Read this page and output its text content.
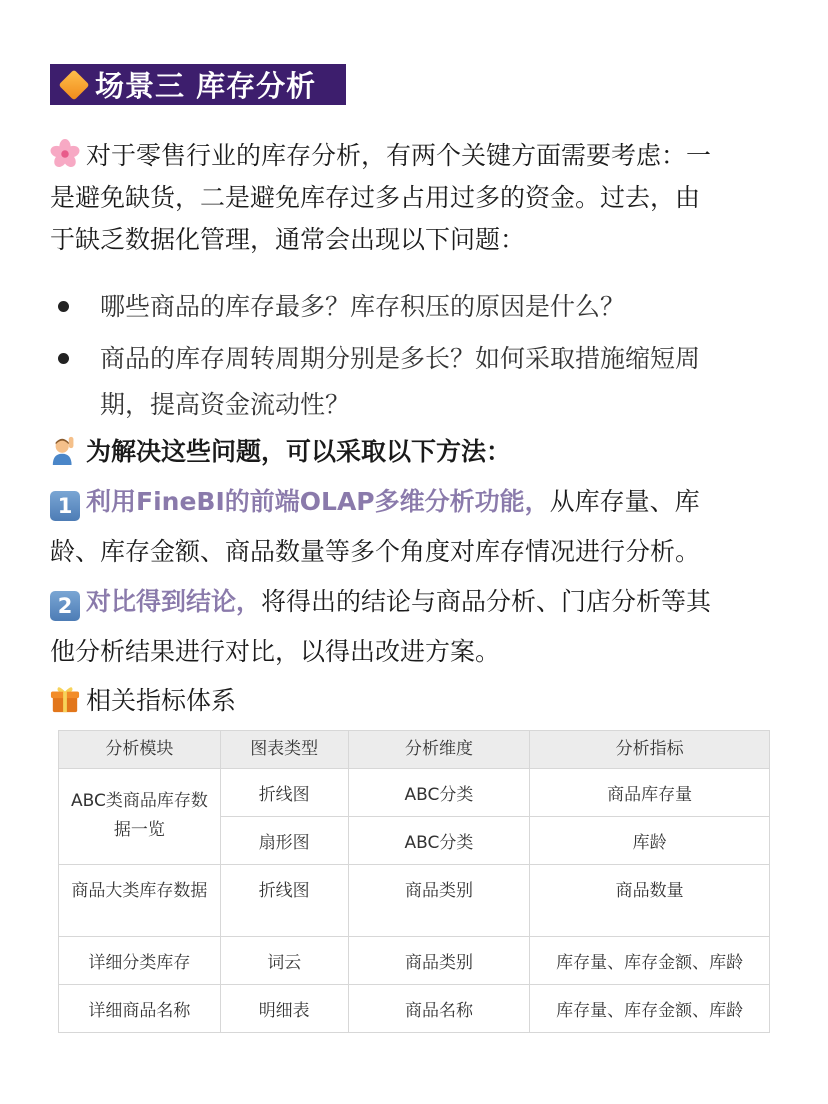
场景三 库存分析
对于零售行业的库存分析，有两个关键方面需要考虑：一
是避免缺货，二是避免库存过多占用过多的资金。过去，由
于缺乏数据化管理，通常会出现以下问题：
哪些商品的库存最多？库存积压的原因是什么？
商品的库存周转周期分别是多长？如何采取措施缩短周
期，提高资金流动性？
为解决这些问题，可以采取以下方法：
1 利用FineBI的前端OLAP多维分析功能，从库存量、库
龄、库存金额、商品数量等多个角度对库存情况进行分析。
2 对比得到结论，将得出的结论与商品分析、门店分析等其
他分析结果进行对比，以得出改进方案。
相关指标体系
分析模块	图表类型	分析维度	分析指标
ABC类商品库存数据一览	折线图	ABC分类	商品库存量
	扇形图	ABC分类	库龄
商品大类库存数据	折线图	商品类别	商品数量
详细分类库存	词云	商品类别	库存量、库存金额、库龄
详细商品名称	明细表	商品名称	库存量、库存金额、库龄
